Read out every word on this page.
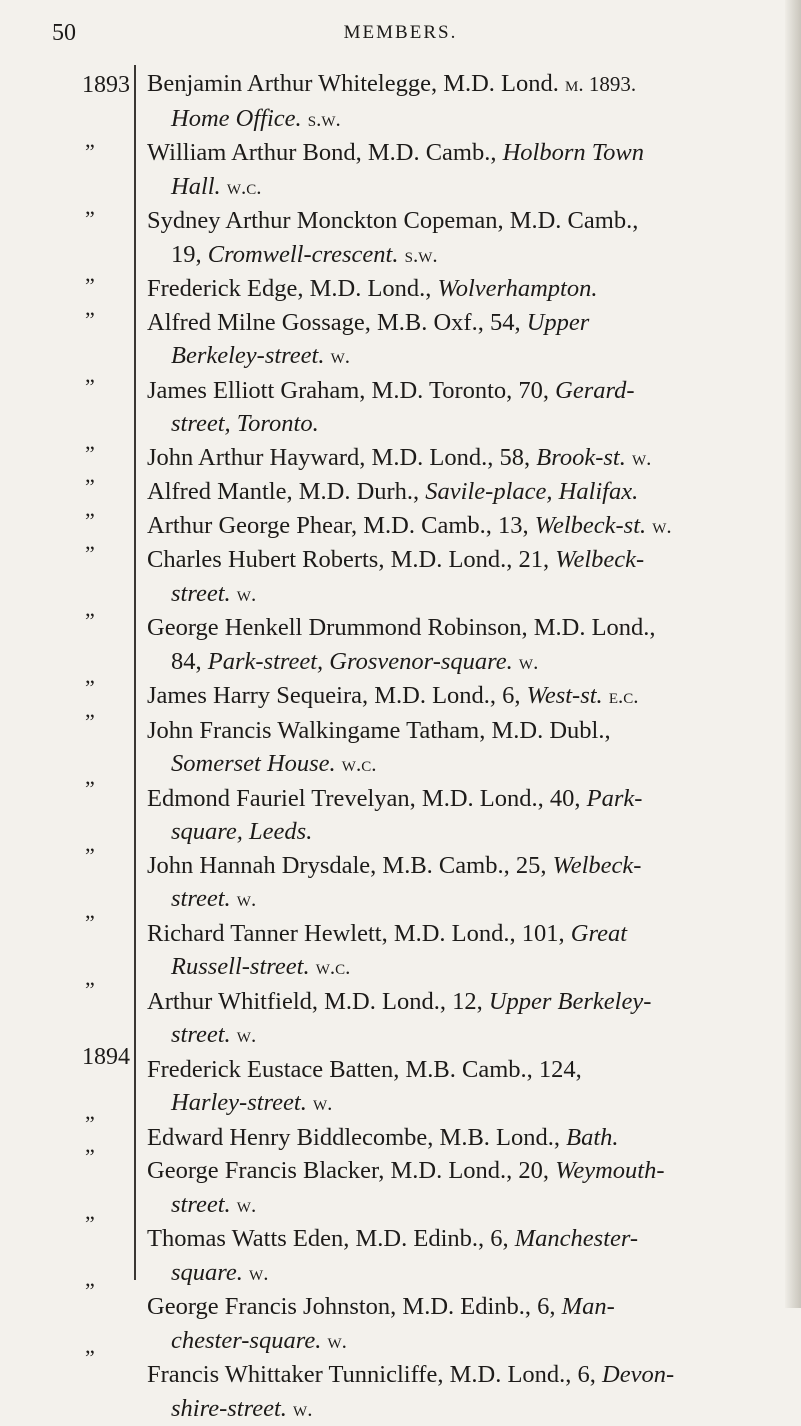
50	MEMBERS.
1893
”
”
”
”
”
”
”
”
”
”
”
”
”
”
”
”
1894
”
”
”
”
”

Benjamin Arthur Whitelegge, M.D. Lond. m. 1893.
Home Office. s.w.

William Arthur Bond, M.D. Camb., Holborn Town
Hall. w.c.

Sydney Arthur Monckton Copeman, M.D. Camb.,
19, Cromwell-crescent. s.w.

Frederick Edge, M.D. Lond., Wolverhampton.

Alfred Milne Gossage, M.B. Oxf., 54, Upper
Berkeley-street. w.

James Elliott Graham, M.D. Toronto, 70, Gerard-
street, Toronto.

John Arthur Hayward, M.D. Lond., 58, Brook-st. w.

Alfred Mantle, M.D. Durh., Savile-place, Halifax.

Arthur George Phear, M.D. Camb., 13, Welbeck-st. w.

Charles Hubert Roberts, M.D. Lond., 21, Welbeck-
street. w.

George Henkell Drummond Robinson, M.D. Lond.,
84, Park-street, Grosvenor-square. w.

James Harry Sequeira, M.D. Lond., 6, West-st. e.c.

John Francis Walkingame Tatham, M.D. Dubl.,
Somerset House. w.c.

Edmond Fauriel Trevelyan, M.D. Lond., 40, Park-
square, Leeds.

John Hannah Drysdale, M.B. Camb., 25, Welbeck-
street. w.

Richard Tanner Hewlett, M.D. Lond., 101, Great
Russell-street. w.c.

Arthur Whitfield, M.D. Lond., 12, Upper Berkeley-
street. w.

Frederick Eustace Batten, M.B. Camb., 124,
Harley-street. w.

Edward Henry Biddlecombe, M.B. Lond., Bath.

George Francis Blacker, M.D. Lond., 20, Weymouth-
street. w.

Thomas Watts Eden, M.D. Edinb., 6, Manchester-
square. w.

George Francis Johnston, M.D. Edinb., 6, Man-
chester-square. w.

Francis Whittaker Tunnicliffe, M.D. Lond., 6, Devon-
shire-street. w.
